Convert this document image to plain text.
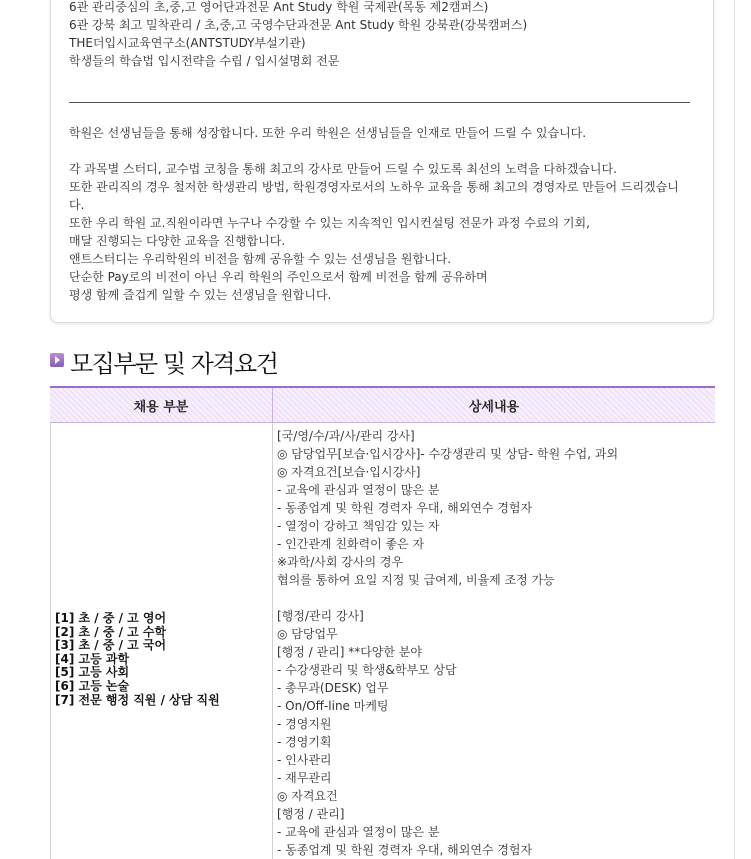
6관 관리중심의 초,중,고 영어단과전문 Ant Study 학원 국제관(목동 제2캠퍼스)
6관 강북 최고 밀착관리 / 초,중,고 국영수단과전문 Ant Study 학원 강북관(강북캠퍼스)
THE더입시교육연구소(ANTSTUDY부설기관)
학생들의 학습법 입시전략을 수립 / 입시설명회 전문
학원은 선생님들을 통해 성장합니다. 또한 우리 학원은 선생님들을 인재로 만들어 드릴 수 있습니다.
각 과목별 스터디, 교수법 코칭을 통해 최고의 강사로 만들어 드릴 수 있도록 최선의 노력을 다하겠습니다.
또한 관리직의 경우 철저한 학생관리 방법, 학원경영자로서의 노하우 교육을 통해 최고의 경영자로 만들어 드리겠습니
다.
또한 우리 학원 교.직원이라면 누구나 수강할 수 있는 지속적인 입시컨설팅 전문가 과정 수료의 기회,
매달 진행되는 다양한 교육을 진행합니다.
앤트스터디는 우리학원의 비전을 함께 공유할 수 있는 선생님을 원합니다.
단순한 Pay로의 비전이 아닌 우리 학원의 주인으로서 함께 비전을 함께 공유하며
평생 함께 즐겁게 일할 수 있는 선생님을 원합니다.
모집부문 및 자격요건
채용 부분	상세내용
[1] 초 / 중 / 고 영어
[2] 초 / 중 / 고 수학
[3] 초 / 중 / 고 국어
[4] 고등 과학
[5] 고등 사회
[6] 고등 논술
[7] 전문 행정 직원 / 상담 직원
[국/영/수/과/사/관리 강사]
◎ 담당업무[보습·입시강사]- 수강생관리 및 상담- 학원 수업, 과외
◎ 자격요건[보습·입시강사]
- 교육에 관심과 열정이 많은 분
- 동종업계 및 학원 경력자 우대, 해외연수 경험자
- 열정이 강하고 책임감 있는 자
- 인간관계 친화력이 좋은 자
※과학/사회 강사의 경우
협의를 통하여 요일 지정 및 급여제, 비율제 조정 가능
[행정/관리 강사]
◎ 담당업무
[행정 / 관리] **다양한 분야
- 수강생관리 및 학생&학부모 상담
- 총무과(DESK) 업무
- On/Off-line 마케팅
- 경영지원
- 경영기획
- 인사관리
- 재무관리
◎ 자격요건
[행정 / 관리]
- 교육에 관심과 열정이 많은 분
- 동종업계 및 학원 경력자 우대, 해외연수 경험자
